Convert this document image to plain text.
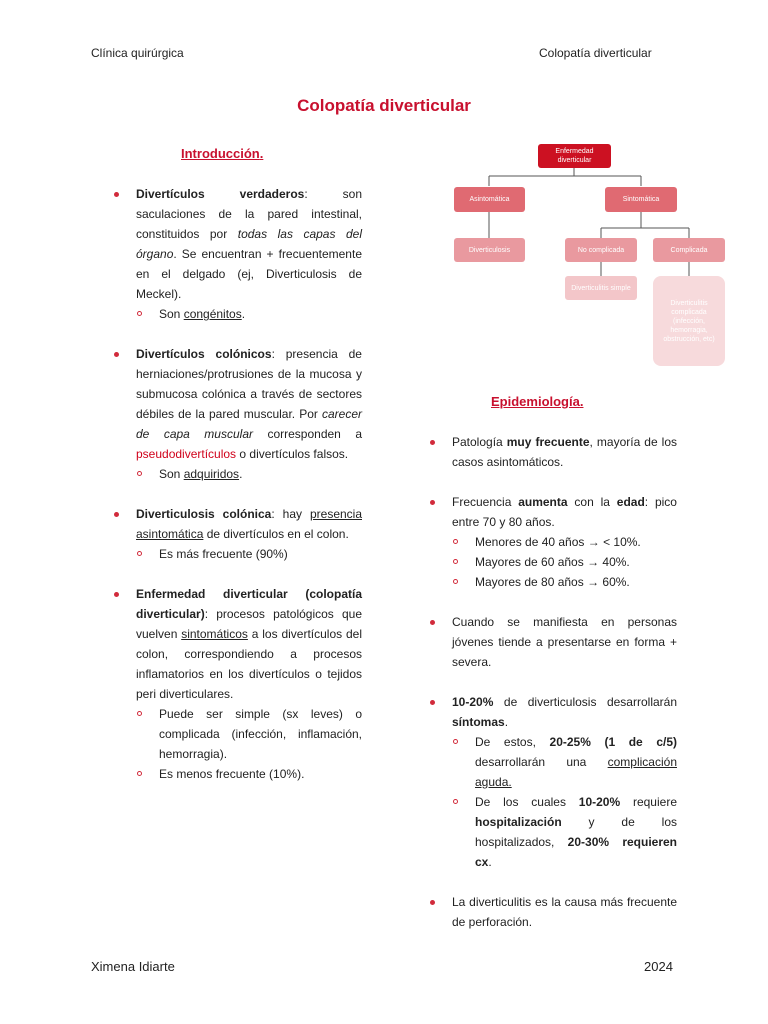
Clínica quirúrgica	Colopatía diverticular
Colopatía diverticular
Introducción.
Divertículos verdaderos: son saculaciones de la pared intestinal, constituidos por todas las capas del órgano. Se encuentran + frecuentemente en el delgado (ej, Diverticulosis de Meckel).
Son congénitos.
Divertículos colónicos: presencia de herniaciones/protrusiones de la mucosa y submucosa colónica a través de sectores débiles de la pared muscular. Por carecer de capa muscular corresponden a pseudodivertículos o divertículos falsos.
Son adquiridos.
Diverticulosis colónica: hay presencia asintomática de divertículos en el colon.
Es más frecuente (90%)
Enfermedad diverticular (colopatía diverticular): procesos patológicos que vuelven sintomáticos a los divertículos del colon, correspondiendo a procesos inflamatorios en los divertículos o tejidos peri diverticulares.
Puede ser simple (sx leves) o complicada (infección, inflamación, hemorragia).
Es menos frecuente (10%).
Enfermedad diverticular
Asintomática	Sintomática
Diverticulosis	No complicada	Complicada
Diverticulitis simple
Diverticulitis complicada (infección, hemorragia, obstrucción, etc)
Epidemiología.
Patología muy frecuente, mayoría de los casos asintomáticos.
Frecuencia aumenta con la edad: pico entre 70 y 80 años.
Menores de 40 años → < 10%.
Mayores de 60 años → 40%.
Mayores de 80 años → 60%.
Cuando se manifiesta en personas jóvenes tiende a presentarse en forma + severa.
10-20% de diverticulosis desarrollarán síntomas.
De estos, 20-25% (1 de c/5) desarrollarán una complicación aguda.
De los cuales 10-20% requiere hospitalización y de los hospitalizados, 20-30% requieren cx.
La diverticulitis es la causa más frecuente de perforación.
Ximena Idiarte	2024
